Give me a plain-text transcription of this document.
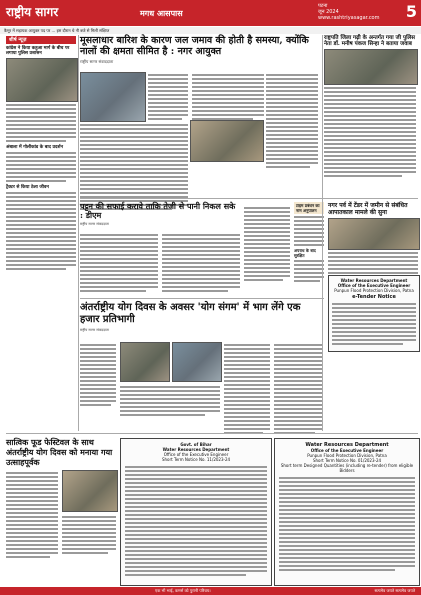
राष्ट्रीय सागर	मगध आसपास
पटना
जून 2024
www.rashtriyasagar.com 5
कैमूर में सहायक आयुक्त पद पर ... इस दौरान थे नौ बजे से मिली संक्षिप्त
शीर्ष न्यूज़
कांग्रेस ने किया कहुआ मार्ग के बीच पर लगाया पुलिस प्रशासन
अंबाला में गोलीकांड के बाद प्रदर्शन
ट्रैक्टर से किया ठेला जीवन
मूसलाधार बारिश के कारण जल जमाव की होती है समस्या, क्योंकि नालों की क्षमता सीमित है : नगर आयुक्त
राष्ट्रीय सागर संवाददाता
राष्ट्रपति जिला गढ़ी के अन्तर्गत गया जी पुलिस
नेता डॉ. मनीष पंकज सिन्हा ने बताया जवाब
पट्टन की सफाई करावे ताकि तेजी से पानी निकल सके : डीएम
राष्ट्रीय सागर संवाददाता
टाइम प्रबंधन का नाम अनुपालन
अपराध के बाद सुरक्षित
नगर पर्व में टेंडर में जमीन से संबंधित आपातकाल मामले की सुना
Water Resources Department
Office of the Executive Engineer
Punpun Flood Protection Division, Patna
e-Tender Notice
अंतर्राष्ट्रीय योग दिवस के अवसर 'योग संगम' में भाग लेंगे एक हजार प्रतिभागी
राष्ट्रीय सागर संवाददाता
सात्विक फूड फेस्टिवल के साथ अंतर्राष्ट्रीय योग दिवस को मनाया गया उत्साहपूर्वक
Govt. of Bihar
Water Resources Department
Office of the Executive Engineer
Short Term Notice No. 11/2023-24
Water Resources Department
Office of the Executive Engineer
Punpun Flood Protection Division, Patna
Short Term Notice No. 01/2023-24
Short term Designed Quantities (including re-tender) from eligible Bidders
एक भी भाई, कमर्स को पुरानी परिचय।	सत्यमेव जयते सत्यमेव जयते
